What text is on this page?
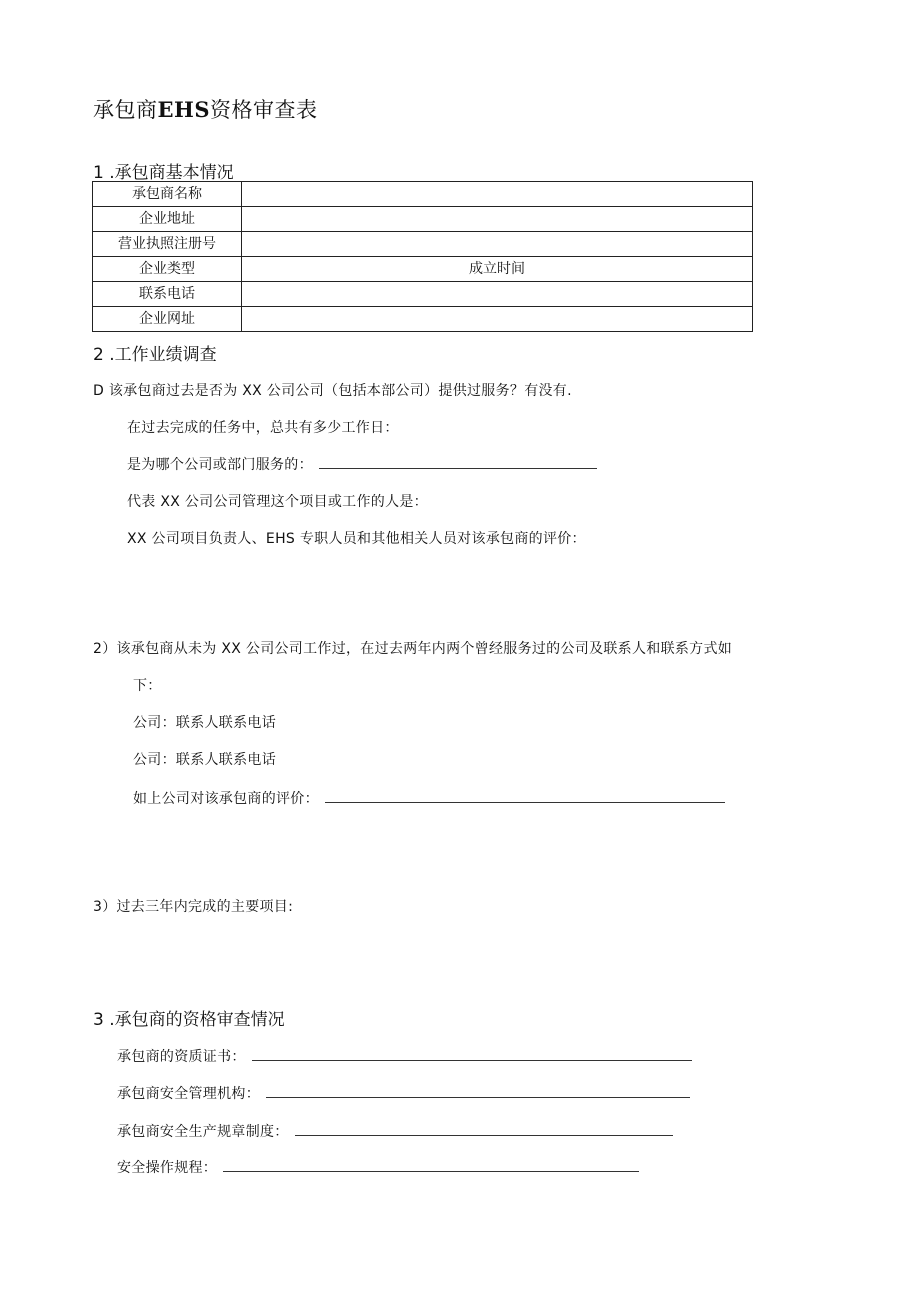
承包商EHS资格审查表
1 .承包商基本情况
承包商名称	
企业地址	
营业执照注册号	
企业类型	成立时间
联系电话	
企业网址	
2 .工作业绩调查
D 该承包商过去是否为 XX 公司公司（包括本部公司）提供过服务？有没有.
在过去完成的任务中，总共有多少工作日：
是为哪个公司或部门服务的：
代表 XX 公司公司管理这个项目或工作的人是：
XX 公司项目负责人、EHS 专职人员和其他相关人员对该承包商的评价：
2）该承包商从未为 XX 公司公司工作过，在过去两年内两个曾经服务过的公司及联系人和联系方式如
下：
公司：联系人联系电话
公司：联系人联系电话
如上公司对该承包商的评价：
3）过去三年内完成的主要项目:
3 .承包商的资格审查情况
承包商的资质证书：
承包商安全管理机构：
承包商安全生产规章制度：
安全操作规程：
